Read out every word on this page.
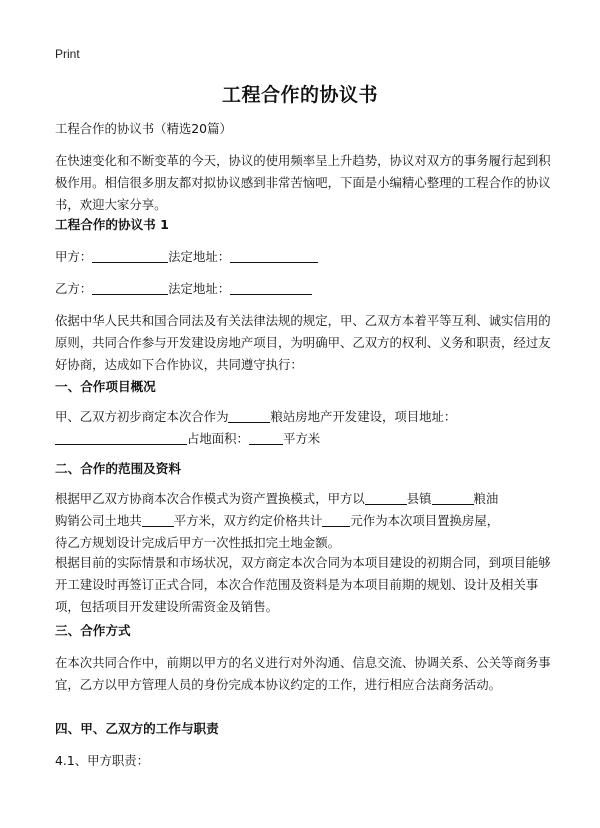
Print
工程合作的协议书
工程合作的协议书（精选20篇）
在快速变化和不断变革的今天，协议的使用频率呈上升趋势，协议对双方的事务履行起到积极作用。相信很多朋友都对拟协议感到非常苦恼吧，下面是小编精心整理的工程合作的协议书，欢迎大家分享。
工程合作的协议书 1
甲方：	法定地址：
乙方：	法定地址：
依据中华人民共和国合同法及有关法律法规的规定，甲、乙双方本着平等互利、诚实信用的原则，共同合作参与开发建设房地产项目，为明确甲、乙双方的权利、义务和职责，经过友好协商，达成如下合作协议，共同遵守执行：
一、合作项目概况
甲、乙双方初步商定本次合作为	粮站房地产开发建设，项目地址：
占地面积：	平方米
二、合作的范围及资料
根据甲乙双方协商本次合作模式为资产置换模式，甲方以	县镇	粮油
购销公司土地共	平方米，双方约定价格共计 元作为本次项目置换房屋，
待乙方规划设计完成后甲方一次性抵扣完土地金额。
根据目前的实际情景和市场状况，双方商定本次合同为本项目建设的初期合同，到项目能够开工建设时再签订正式合同，本次合作范围及资料是为本项目前期的规划、设计及相关事项，包括项目开发建设所需资金及销售。
三、合作方式
在本次共同合作中，前期以甲方的名义进行对外沟通、信息交流、协调关系、公关等商务事宜，乙方以甲方管理人员的身份完成本协议约定的工作，进行相应合法商务活动。
四、甲、乙双方的工作与职责
4.1、甲方职责：
